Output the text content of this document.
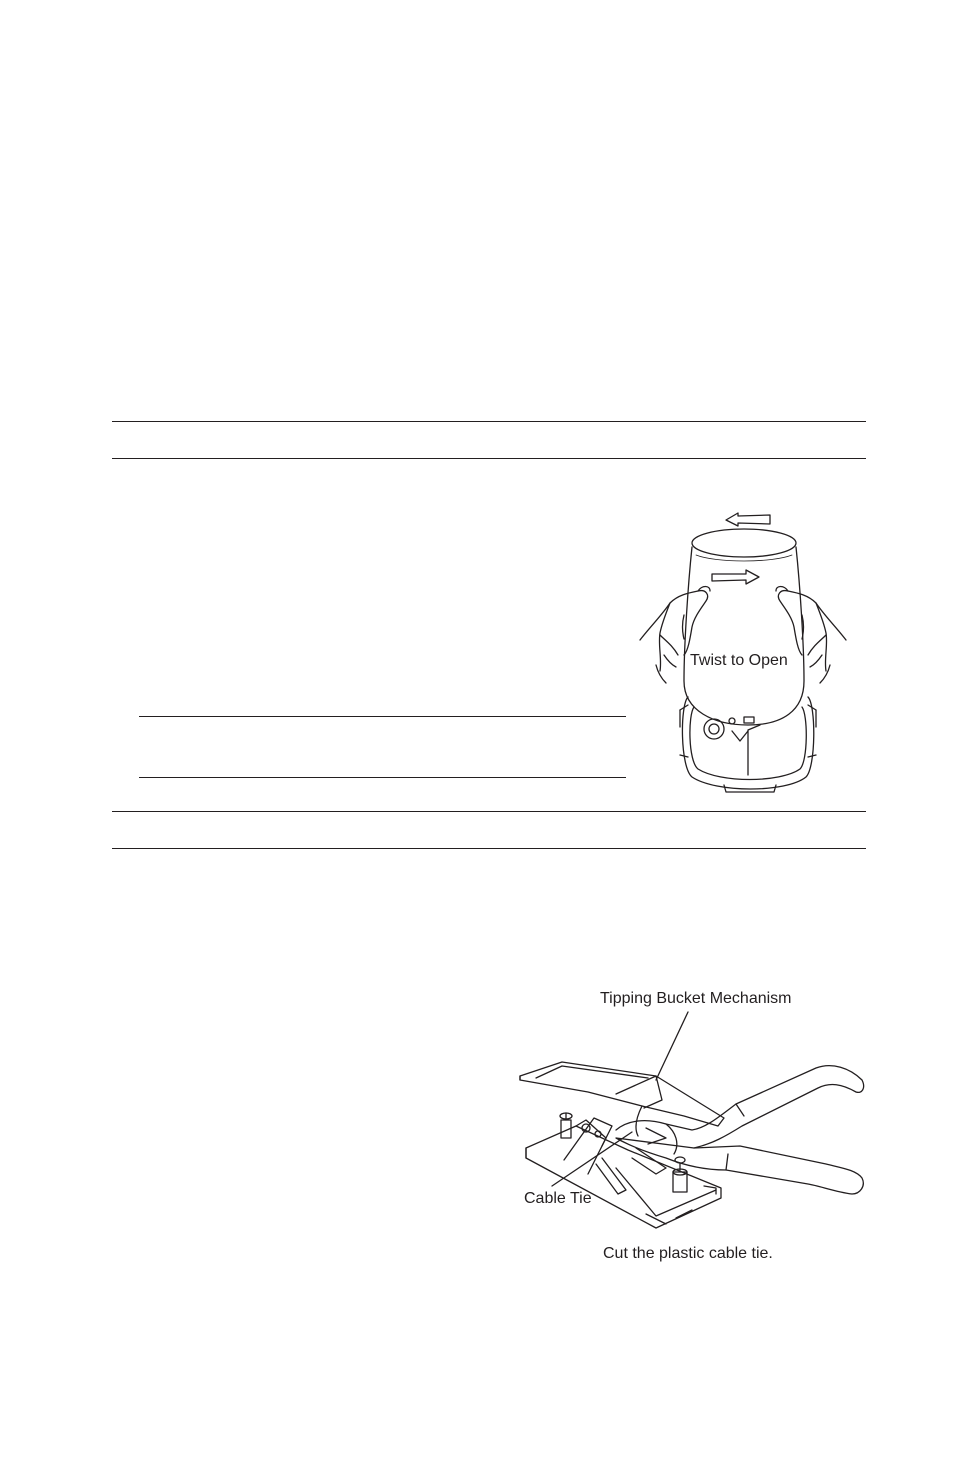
Twist to Open
Tipping Bucket Mechanism
Cable Tie
Cut the plastic cable tie.
